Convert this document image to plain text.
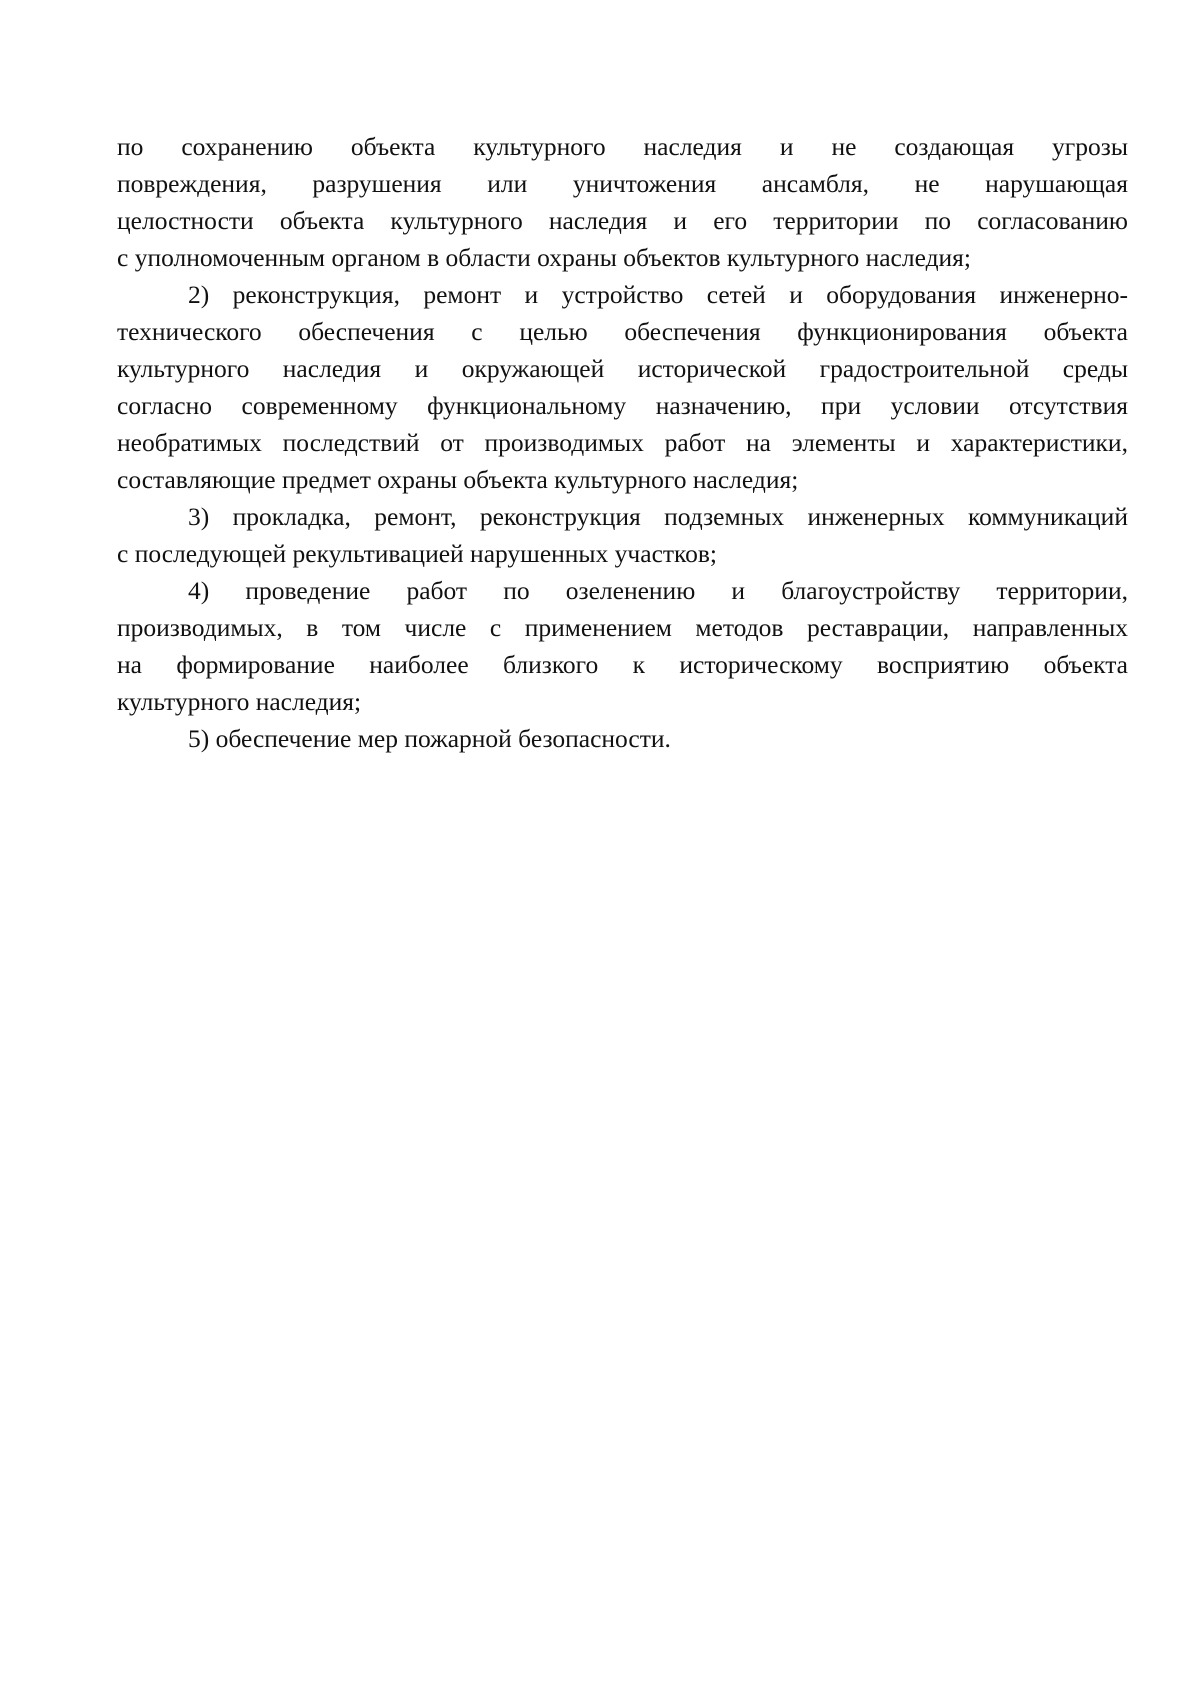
по сохранению объекта культурного наследия и не создающая угрозы
повреждения, разрушения или уничтожения ансамбля, не нарушающая
целостности объекта культурного наследия и его территории по согласованию
с уполномоченным органом в области охраны объектов культурного наследия;
2) реконструкция, ремонт и устройство сетей и оборудования инженерно-
технического обеспечения с целью обеспечения функционирования объекта
культурного наследия и окружающей исторической градостроительной среды
согласно современному функциональному назначению, при условии отсутствия
необратимых последствий от производимых работ на элементы и характеристики,
составляющие предмет охраны объекта культурного наследия;
3) прокладка, ремонт, реконструкция подземных инженерных коммуникаций
с последующей рекультивацией нарушенных участков;
4) проведение работ по озеленению и благоустройству территории,
производимых, в том числе с применением методов реставрации, направленных
на формирование наиболее близкого к историческому восприятию объекта
культурного наследия;
5) обеспечение мер пожарной безопасности.
